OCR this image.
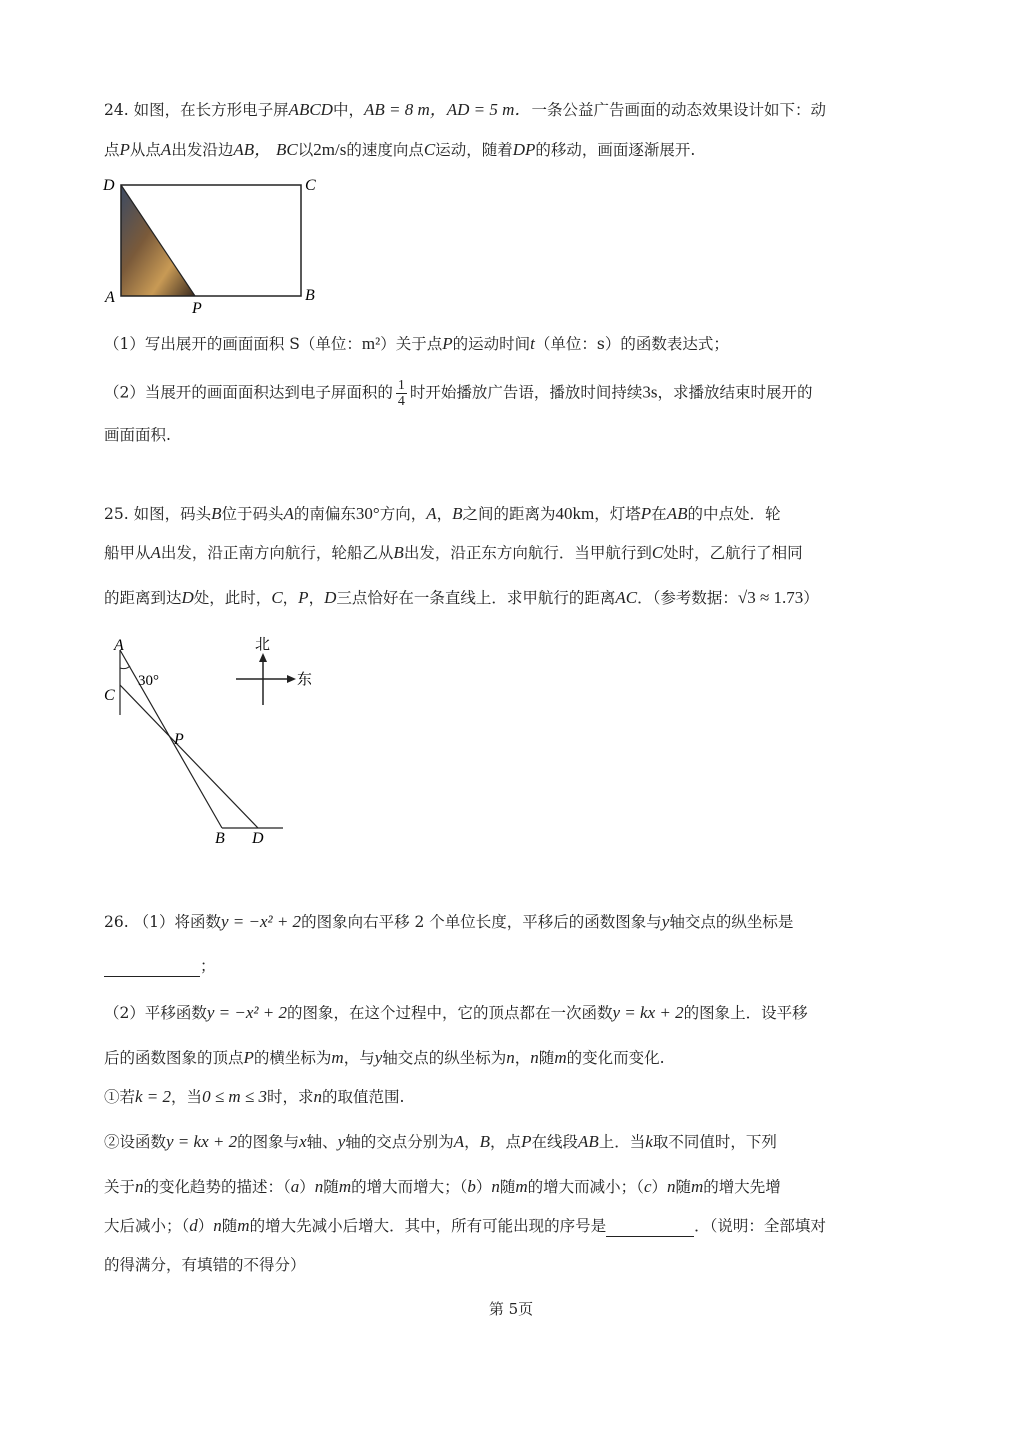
24. 如图，在长方形电子屏ABCD中，AB = 8 m，AD = 5 m．一条公益广告画面的动态效果设计如下：动
点P从点A出发沿边AB， BC以2m/s的速度向点C运动，随着DP的移动，画面逐渐展开.
D	C
A	B
P
（1）写出展开的画面面积 S（单位：m²）关于点P的运动时间t（单位：s）的函数表达式；
（2）当展开的画面面积达到电子屏面积的 $\frac{1}{4}$ 时开始播放广告语，播放时间持续3s，求播放结束时展开的
画面面积.
25. 如图，码头B位于码头A的南偏东30°方向，A，B之间的距离为40km，灯塔P在AB的中点处．轮
船甲从A出发，沿正南方向航行，轮船乙从B出发，沿正东方向航行．当甲航行到C处时，乙航行了相同
的距离到达D处，此时，C，P，D三点恰好在一条直线上．求甲航行的距离AC．（参考数据：√3 ≈ 1.73）
A
C
30°
P
B D
北
东
26. （1）将函数y = −x² + 2的图象向右平移 2 个单位长度，平移后的函数图象与y轴交点的纵坐标是
；
（2）平移函数y = −x² + 2的图象，在这个过程中，它的顶点都在一次函数y = kx + 2的图象上．设平移
后的函数图象的顶点P的横坐标为m，与y轴交点的纵坐标为n，n随m的变化而变化.
①若k = 2，当0 ≤ m ≤ 3时，求n的取值范围.
②设函数y = kx + 2的图象与x轴、y轴的交点分别为A，B，点P在线段AB上．当k取不同值时，下列
关于n的变化趋势的描述：（a）n随m的增大而增大；（b）n随m的增大而减小；（c）n随m的增大先增
大后减小；（d）n随m的增大先减小后增大．其中，所有可能出现的序号是	．（说明：全部填对
的得满分，有填错的不得分）
第 5页
